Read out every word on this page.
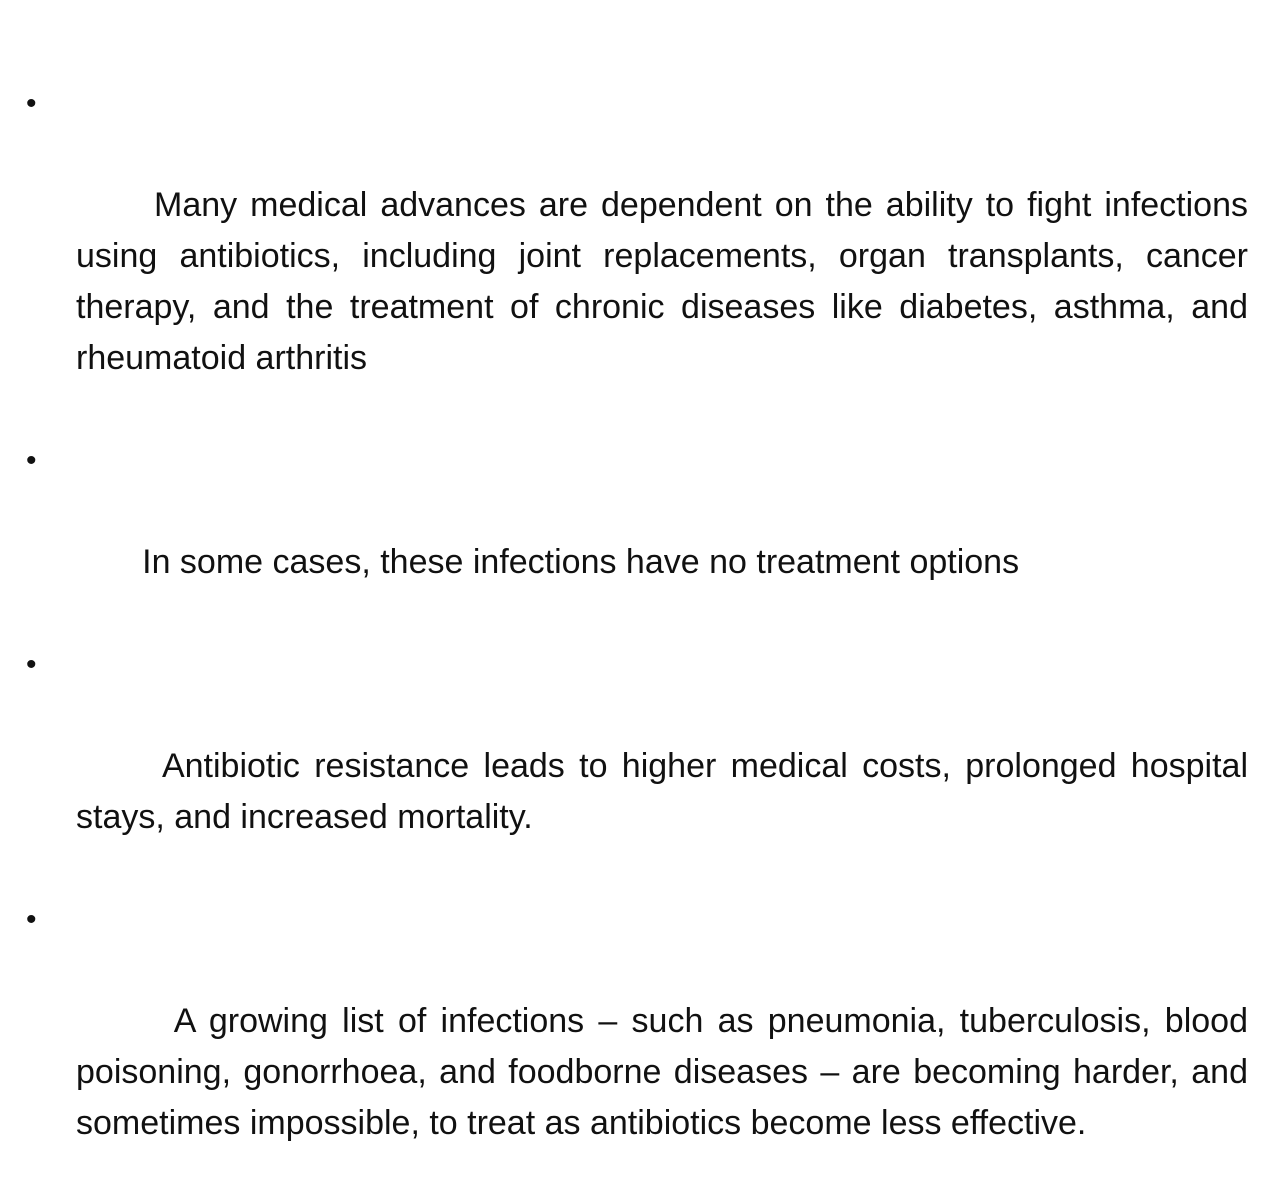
•

Many medical advances are dependent on the ability to fight infections using antibiotics, including joint replacements, organ transplants, cancer therapy, and the treatment of chronic diseases like diabetes, asthma, and rheumatoid arthritis

•

In some cases, these infections have no treatment options

•

Antibiotic resistance leads to higher medical costs, prolonged hospital stays, and increased mortality.

•

A growing list of infections – such as pneumonia, tuberculosis, blood poisoning, gonorrhoea, and foodborne diseases – are becoming harder, and sometimes impossible, to treat as antibiotics become less effective.
